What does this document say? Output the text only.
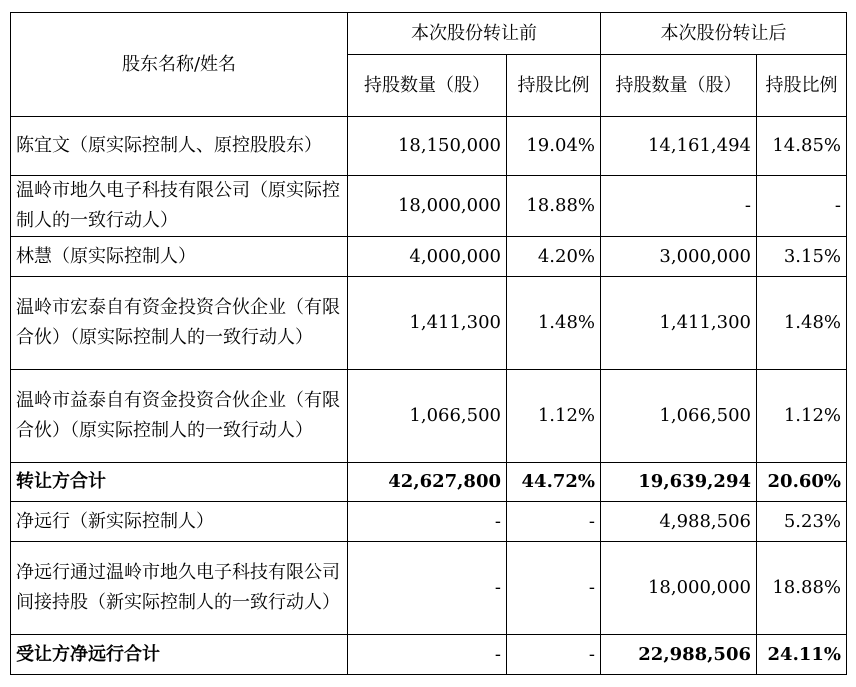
股东名称/姓名	本次股份转让前		本次股份转让后	
	持股数量（股）	持股比例	持股数量（股）	持股比例
陈宜文（原实际控制人、原控股股东）	18,150,000	19.04%	14,161,494	14.85%
温岭市地久电子科技有限公司（原实际控制人的一致行动人）	18,000,000	18.88%	-	-
林慧（原实际控制人）	4,000,000	4.20%	3,000,000	3.15%
温岭市宏泰自有资金投资合伙企业（有限合伙）（原实际控制人的一致行动人）	1,411,300	1.48%	1,411,300	1.48%
温岭市益泰自有资金投资合伙企业（有限合伙）（原实际控制人的一致行动人）	1,066,500	1.12%	1,066,500	1.12%
转让方合计	42,627,800	44.72%	19,639,294	20.60%
净远行（新实际控制人）	-	-	4,988,506	5.23%
净远行通过温岭市地久电子科技有限公司间接持股（新实际控制人的一致行动人）	-	-	18,000,000	18.88%
受让方净远行合计	-	-	22,988,506	24.11%
